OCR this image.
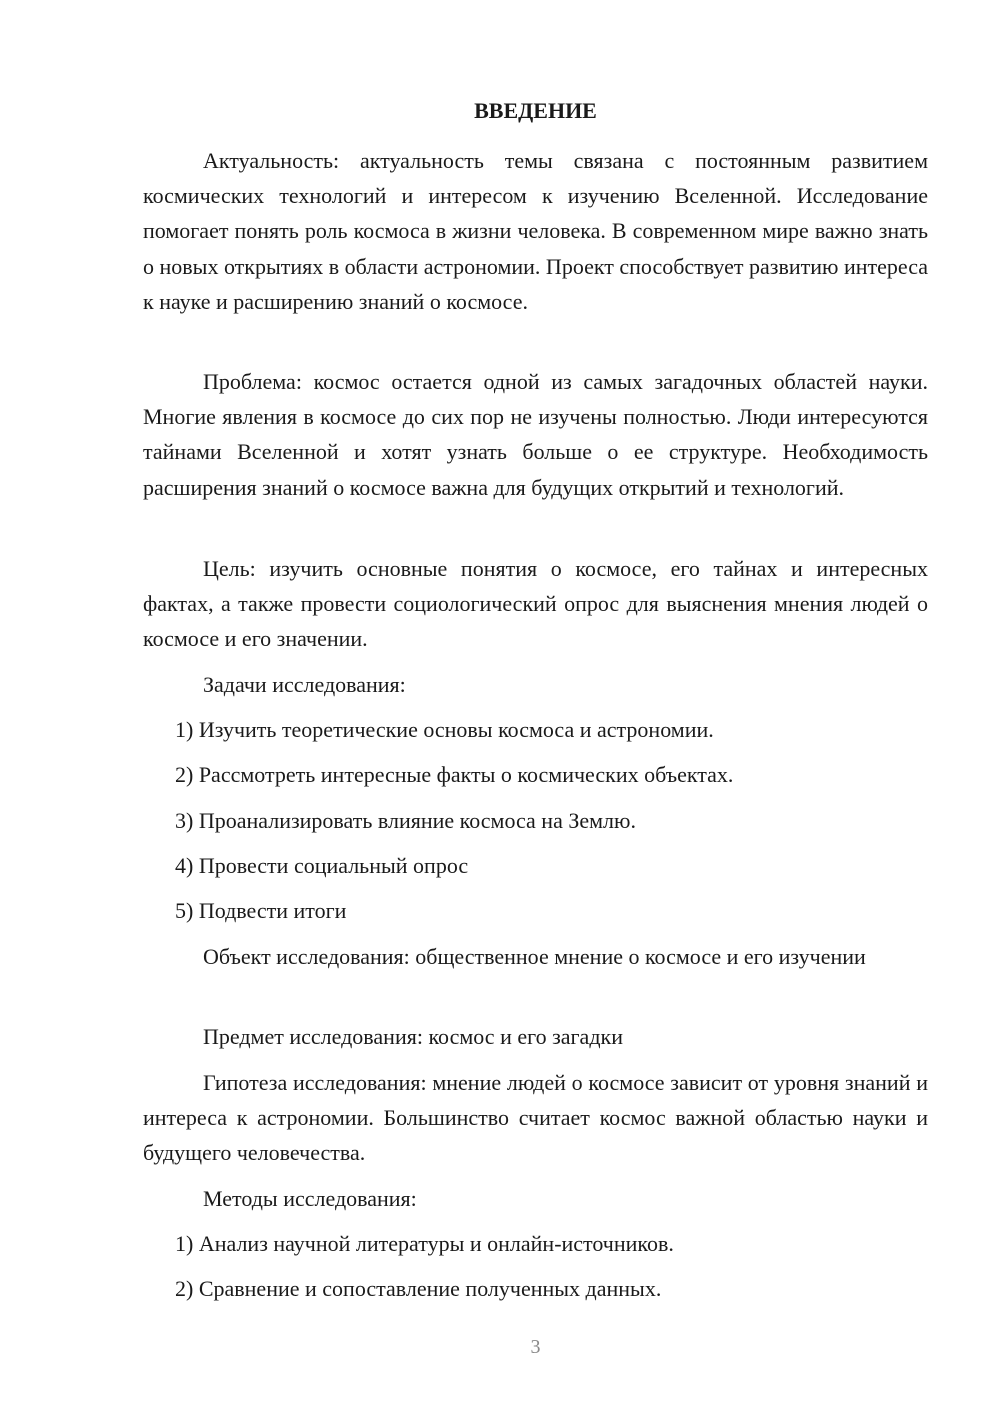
ВВЕДЕНИЕ

Актуальность: актуальность темы связана с постоянным развитием космических технологий и интересом к изучению Вселенной. Исследование помогает понять роль космоса в жизни человека. В современном мире важно знать о новых открытиях в области астрономии. Проект способствует развитию интереса к науке и расширению знаний о космосе.

Проблема: космос остается одной из самых загадочных областей науки. Многие явления в космосе до сих пор не изучены полностью. Люди интересуются тайнами Вселенной и хотят узнать больше о ее структуре. Необходимость расширения знаний о космосе важна для будущих открытий и технологий.

Цель: изучить основные понятия о космосе, его тайнах и интересных фактах, а также провести социологический опрос для выяснения мнения людей о космосе и его значении.

Задачи исследования:

1) Изучить теоретические основы космоса и астрономии.

2) Рассмотреть интересные факты о космических объектах.

3) Проанализировать влияние космоса на Землю.

4) Провести социальный опрос

5) Подвести итоги

Объект исследования: общественное мнение о космосе и его изучении

Предмет исследования: космос и его загадки

Гипотеза исследования: мнение людей о космосе зависит от уровня знаний и интереса к астрономии. Большинство считает космос важной областью науки и будущего человечества.

Методы исследования:

1) Анализ научной литературы и онлайн-источников.

2) Сравнение и сопоставление полученных данных.

3
